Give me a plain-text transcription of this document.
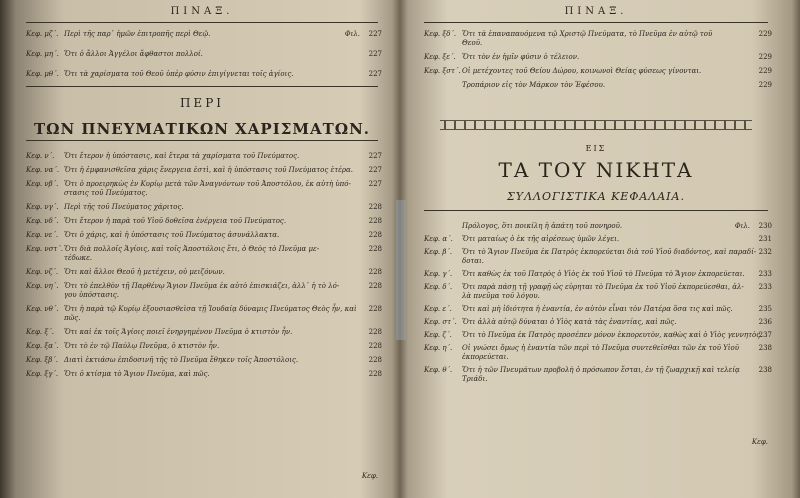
ΠΙΝΑΞ.
Κεφ. μζ΄. Περὶ τῆς παρ᾽ ἡμῶν ἐπιτροπῆς περὶ Θεῷ.	Φιλ. 227
Κεφ. μη΄. Ὅτι ὁ ἄλλοι Ἀγγέλοι ἄφθαστοι πολλοί.	227
Κεφ. μθ΄. Ὅτι τὰ χαρίσματα τοῦ Θεοῦ ὑπὲρ φύσιν ἐπιγίγνεται τοῖς ἁγίοις.	227
ΠΕΡΙ
ΤΩΝ ΠΝΕΥΜΑΤΙΚΩΝ ΧΑΡΙΣΜΑΤΩΝ.
Κεφ. ν΄. Ὅτι ἕτερον ἡ ὑπόστασις, καὶ ἕτερα τὰ χαρίσματα τοῦ Πνεύματος.	227
Κεφ. να΄. Ὅτι ἡ ἐμφανισθεῖσα χάρις ἔνεργεια ἐστὶ, καὶ ἡ ὑπόστασις τοῦ Πνεύματος ἑτέρα. 227
Κεφ. νβ΄. Ὅτι ὁ προειρηκὼς ἐν Κυρίῳ μετὰ τῶν Ἀναγνόντων τοῦ Ἀποστόλου, ἐκ αὐτὴ ὑπό-
στασις τοῦ Πνεύματος.
227
Κεφ. νγ΄. Περὶ τῆς τοῦ Πνεύματος χάριτος.	228
Κεφ. νδ΄. Ὅτι ἕτερον ἡ παρὰ τοῦ Υἱοῦ δοθεῖσα ἐνέργεια τοῦ Πνεύματος.	228
Κεφ. νε΄. Ὅτι ὁ χάρις, καὶ ἡ ὑπόστασις τοῦ Πνεύματος ἀσυνάλλακτα.	228
Κεφ. νστ΄.Ὅτι διὰ πολλοῖς Ἁγίοις, καὶ τοῖς Ἀποστόλοις ἔτι, ὁ Θεὸς τὸ Πνεῦμα με-
τέδωκε.
228
Κεφ. νζ΄. Ὅτι καὶ ἄλλοι Θεοῦ ἡ μετέχειν, οὐ μειζόνων.	228
Κεφ. νη΄. Ὅτι τὸ ἐπελθὸν τῇ Παρθένῳ Ἅγιον Πνεῦμα ἐκ αὐτὸ ἐπισκιάζει, ἀλλ᾽ ἡ τὸ λό-
γου ὑπόστασις.
228
Κεφ. νθ΄. Ὅτι ἡ παρὰ τῷ Κυρίῳ ἐξουσιασθεὶσα τῇ Ἰουδαίᾳ δύναμις Πνεύματος Θεὸς ἦν, καὶ
πῶς.
228
Κεφ. ξ΄. Ὅτι καὶ ἐκ τοῖς Ἁγίοις ποιεῖ ἐνηργημένον Πνεῦμα ὁ κτιστὸν ἦν.	228
Κεφ. ξα΄. Ὅτι τὸ ἐν τῷ Παύλῳ Πνεῦμα, ὁ κτιστὸν ἦν.	228
Κεφ. ξβ΄. Διατὶ ἐκτιάσω ἐπιδοσινῆ τῆς τὸ Πνεῦμα ἔθηκεν τοῖς Ἀποστόλοις.	228
Κεφ. ξγ΄. Ὅτι ὁ κτίσμα τὸ Ἅγιον Πνεῦμα, καὶ πῶς.	228
Κεφ.
ΠΙΝΑΞ.
Κεφ. ξδ΄. Ὅτι τὰ ἐπαναπαυόμενα τῷ Χριστῷ Πνεύματα, τὸ Πνεῦμα ἐν αὐτῷ τοῦ
Θεοῦ.
229
Κεφ. ξε΄. Ὅτι τὸν ἐν ἡμῖν φύσιν ὁ τέλειον.	229
Κεφ. ξστ΄.Οἱ μετέχοντες τοῦ Θείου Δώρου, κοινωνοὶ Θείας φύσεως γίνονται.	229
Τροπάριον εἰς τὸν Μάρκον τὸν Ἐφέσου.	229
ΕΙΣ
ΤΑ ΤΟΥ ΝΙΚΗΤΑ
ΣΥΛΛΟΓΙΣΤΙΚΑ ΚΕΦΑΛΑΙΑ.
Πρόλογος, ὅτι ποικίλη ἡ ἀπάτη τοῦ πονηροῦ.	Φιλ. 230
Κεφ. α΄. Ὅτι ματαίως ὁ ἐκ τῆς αἱρέσεως ὑμῶν λέγει.	231
Κεφ. β΄. Ὅτι τὸ Ἅγιον Πνεῦμα ἐκ Πατρὸς ἐκπορεύεται διὰ τοῦ Υἱοῦ διαδόντος, καὶ παραδί-
δοται.
232
Κεφ. γ΄. Ὅτι καθὼς ἐκ τοῦ Πατρὸς ὁ Υἱὸς ἐκ τοῦ Υἱοῦ τὸ Πνεῦμα τὸ Ἅγιον ἐκπορεύεται. 233
Κεφ. δ΄. Ὅτι παρὰ πάσῃ τῇ γραφῇ ὡς εὑρηται τὸ Πνεῦμα ἐκ τοῦ Υἱοῦ ἐκπορεύεσθαι, ἀλ-
λὰ πνεῦμα τοῦ λόγου.
233
Κεφ. ε΄. Ὅτι καὶ μὴ ἰδιότητα ἡ ἐναντία, ἐν αὐτὸν εἶναι τὸν Πατέρα ὅσα τις καὶ πῶς.	235
Κεφ. στ΄. Ὅτι ἀλλὰ αὐτῷ δύναται ὁ Υἱὸς κατὰ τὰς ἐναντίας, καὶ πῶς.	236
Κεφ. ζ΄. Ὅτι τὸ Πνεῦμα ἐκ Πατρὸς προσέπεν μόνον ἐκπορευτὸν, καθὼς καὶ ὁ Υἱὸς γεννητὸς.
237
Κεφ. η΄. Οἱ γνώσει ὅμως ἡ ἐναντία τῶν περὶ τὸ Πνεῦμα συντεθεῖσθαι τῶν ἐκ τοῦ Υἱοῦ
ἐκπορεύεται.
238
Κεφ. θ΄. Ὅτι ἡ τῶν Πνευμάτων προβολὴ ὁ πρόσωπον ἔσται, ἐν τῇ ζωαρχικῇ καὶ τελείᾳ
Τριάδι.
238
Κεφ.
